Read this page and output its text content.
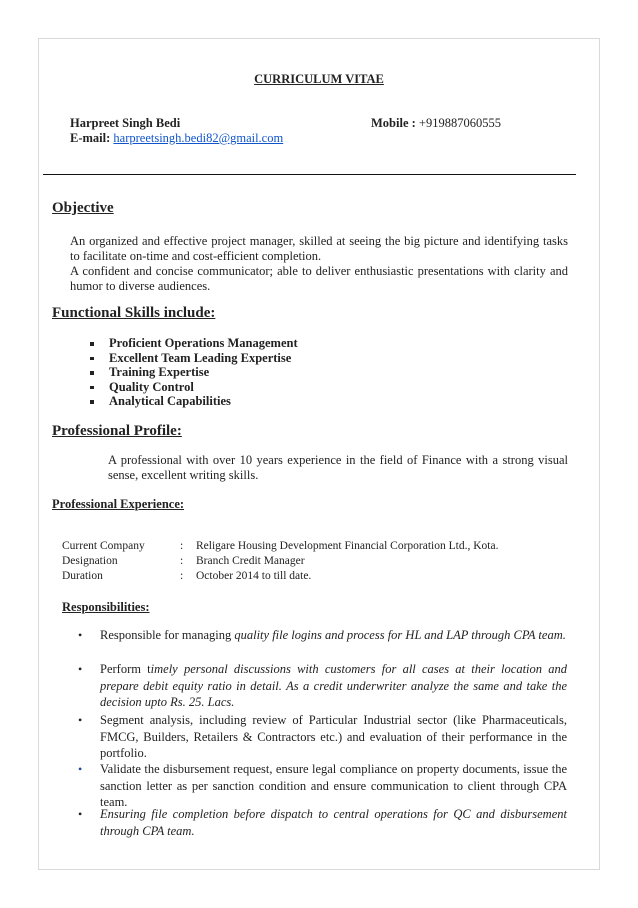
CURRICULUM VITAE
Harpreet Singh Bedi	Mobile : +919887060555
E-mail: harpreetsingh.bedi82@gmail.com
Objective
An organized and effective project manager, skilled at seeing the big picture and identifying tasks to facilitate on-time and cost-efficient completion.
A confident and concise communicator; able to deliver enthusiastic presentations with clarity and humor to diverse audiences.
Functional Skills include:
Proficient Operations Management
Excellent Team Leading Expertise
Training Expertise
Quality Control
Analytical Capabilities
Professional Profile:
A professional with over 10 years experience in the field of Finance with a strong visual sense, excellent writing skills.
Professional Experience:
Current Company	: Religare Housing Development Financial Corporation Ltd., Kota.
Designation	: Branch Credit Manager
Duration	: October 2014 to till date.
Responsibilities:
• Responsible for managing quality file logins and process for HL and LAP through CPA team.
• Perform timely personal discussions with customers for all cases at their location and prepare debit equity ratio in detail. As a credit underwriter analyze the same and take the decision upto Rs. 25. Lacs.
• Segment analysis, including review of Particular Industrial sector (like Pharmaceuticals, FMCG, Builders, Retailers & Contractors etc.) and evaluation of their performance in the portfolio.
• Validate the disbursement request, ensure legal compliance on property documents, issue the sanction letter as per sanction condition and ensure communication to client through CPA team.
• Ensuring file completion before dispatch to central operations for QC and disbursement through CPA team.
